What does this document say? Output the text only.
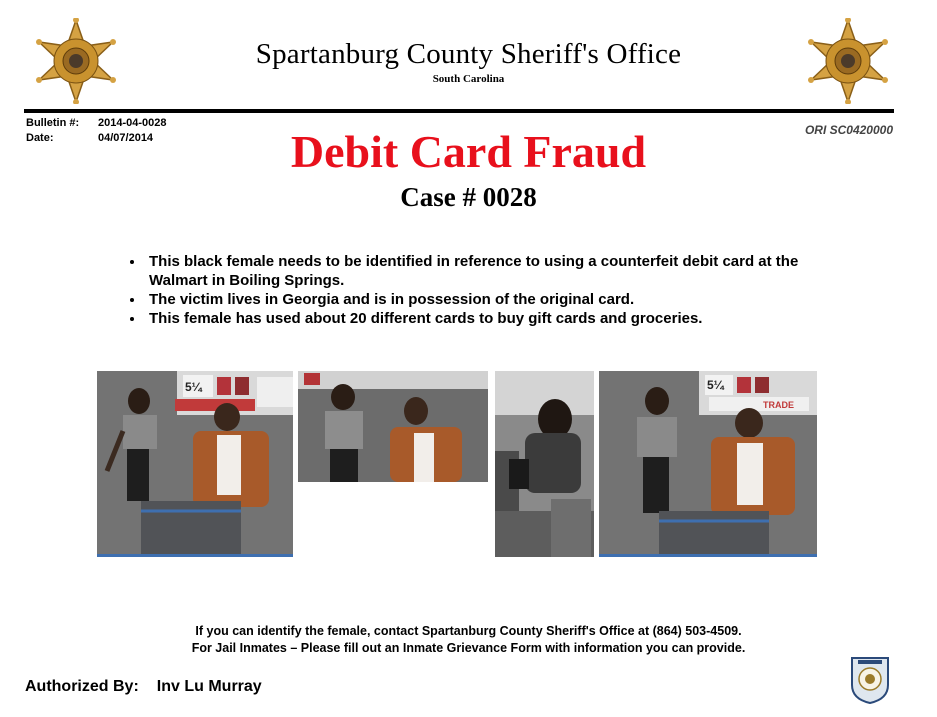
Spartanburg County Sheriff's Office
South Carolina
Bulletin #: 2014-04-0028
Date:	04/07/2014
ORI SC0420000
Debit Card Fraud
Case # 0028
This black female needs to be identified in reference to using a counterfeit debit card at the Walmart in Boiling Springs.
The victim lives in Georgia and is in possession of the original card.
This female has used about 20 different cards to buy gift cards and groceries.
5¼	5¼
TRADE
If you can identify the female, contact Spartanburg County Sheriff's Office at (864) 503-4509.
For Jail Inmates – Please fill out an Inmate Grievance Form with information you can provide.
Authorized By: Inv Lu Murray
